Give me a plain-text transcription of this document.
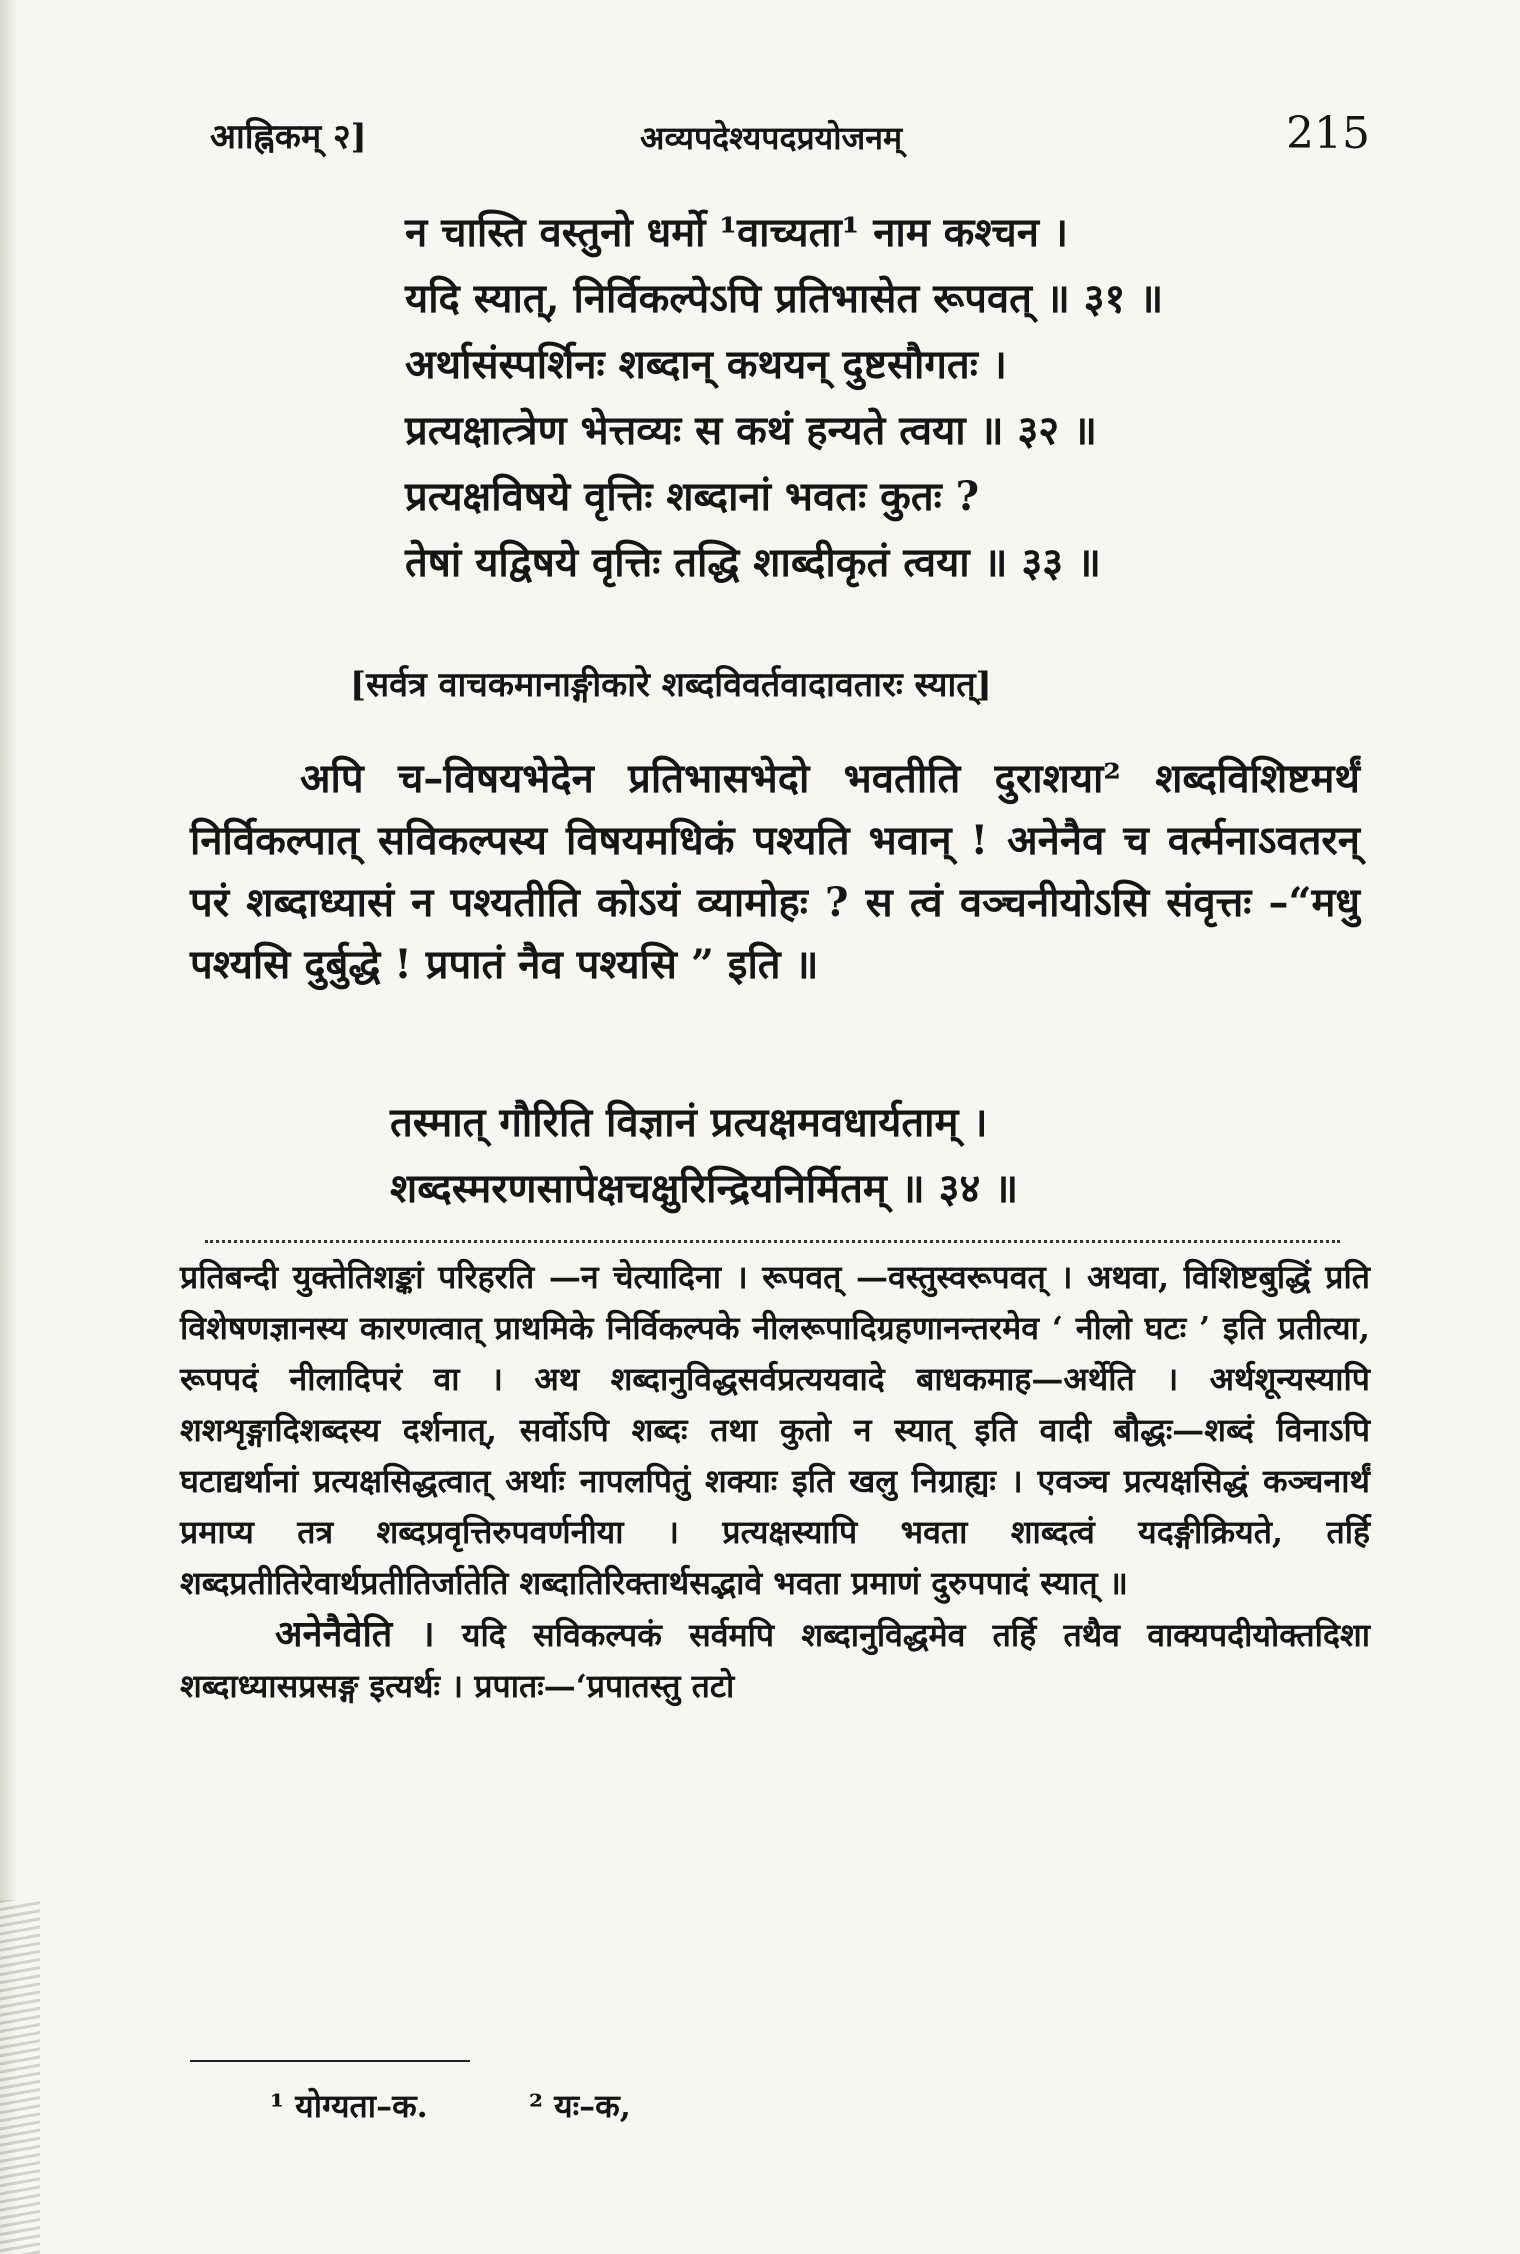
आह्निकम् २]	अव्यपदेश्यपदप्रयोजनम्	215
न चास्ति वस्तुनो धर्मो ¹वाच्यता¹ नाम कश्चन ।
यदि स्यात्, निर्विकल्पेऽपि प्रतिभासेत रूपवत् ॥ ३१ ॥
अर्थासंस्पर्शिनः शब्दान् कथयन् दुष्टसौगतः ।
प्रत्यक्षात्त्रेण भेत्तव्यः स कथं हन्यते त्वया ॥ ३२ ॥
प्रत्यक्षविषये वृत्तिः शब्दानां भवतः कुतः ?
तेषां यद्विषये वृत्तिः तद्धि शाब्दीकृतं त्वया ॥ ३३ ॥
[सर्वत्र वाचकमानाङ्गीकारे शब्दविवर्तवादावतारः स्यात्]

अपि च–विषयभेदेन प्रतिभासभेदो भवतीति दुराशया² शब्दविशिष्टमर्थं निर्विकल्पात् सविकल्पस्य विषयमधिकं पश्यति भवान् ! अनेनैव च वर्त्मनाऽवतरन् परं शब्दाध्यासं न पश्यतीति कोऽयं व्यामोहः ? स त्वं वञ्चनीयोऽसि संवृत्तः –“मधु पश्यसि दुर्बुद्धे ! प्रपातं नैव पश्यसि ” इति ॥

तस्मात् गौरिति विज्ञानं प्रत्यक्षमवधार्यताम् ।
शब्दस्मरणसापेक्षचक्षुरिन्द्रियनिर्मितम् ॥ ३४ ॥

प्रतिबन्दी युक्तेतिशङ्कां परिहरति —न चेत्यादिना । रूपवत् —वस्तुस्वरूपवत् । अथवा, विशिष्टबुद्धिं प्रति विशेषणज्ञानस्य कारणत्वात् प्राथमिके निर्विकल्पके नीलरूपादिग्रहणानन्तरमेव ‘ नीलो घटः ’ इति प्रतीत्या, रूपपदं नीलादिपरं वा । अथ शब्दानुविद्धसर्वप्रत्ययवादे बाधकमाह—अर्थेति । अर्थशून्यस्यापि शशशृङ्गादिशब्दस्य दर्शनात्, सर्वोऽपि शब्दः तथा कुतो न स्यात् इति वादी बौद्धः—शब्दं विनाऽपि घटाद्यर्थानां प्रत्यक्षसिद्धत्वात् अर्थाः नापलपितुं शक्याः इति खलु निग्राह्यः । एवञ्च प्रत्यक्षसिद्धं कञ्चनार्थं प्रमाप्य तत्र शब्दप्रवृत्तिरुपवर्णनीया । प्रत्यक्षस्यापि भवता शाब्दत्वं यदङ्गीक्रियते, तर्हि शब्दप्रतीतिरेवार्थप्रतीतिर्जातेति शब्दातिरिक्तार्थसद्भावे भवता प्रमाणं दुरुपपादं स्यात् ॥

अनेनैवेति । यदि सविकल्पकं सर्वमपि शब्दानुविद्धमेव तर्हि तथैव वाक्यपदीयोक्तदिशा शब्दाध्यासप्रसङ्ग इत्यर्थः । प्रपातः—‘प्रपातस्तु तटो

¹ योग्यता–क.	² यः–क,
